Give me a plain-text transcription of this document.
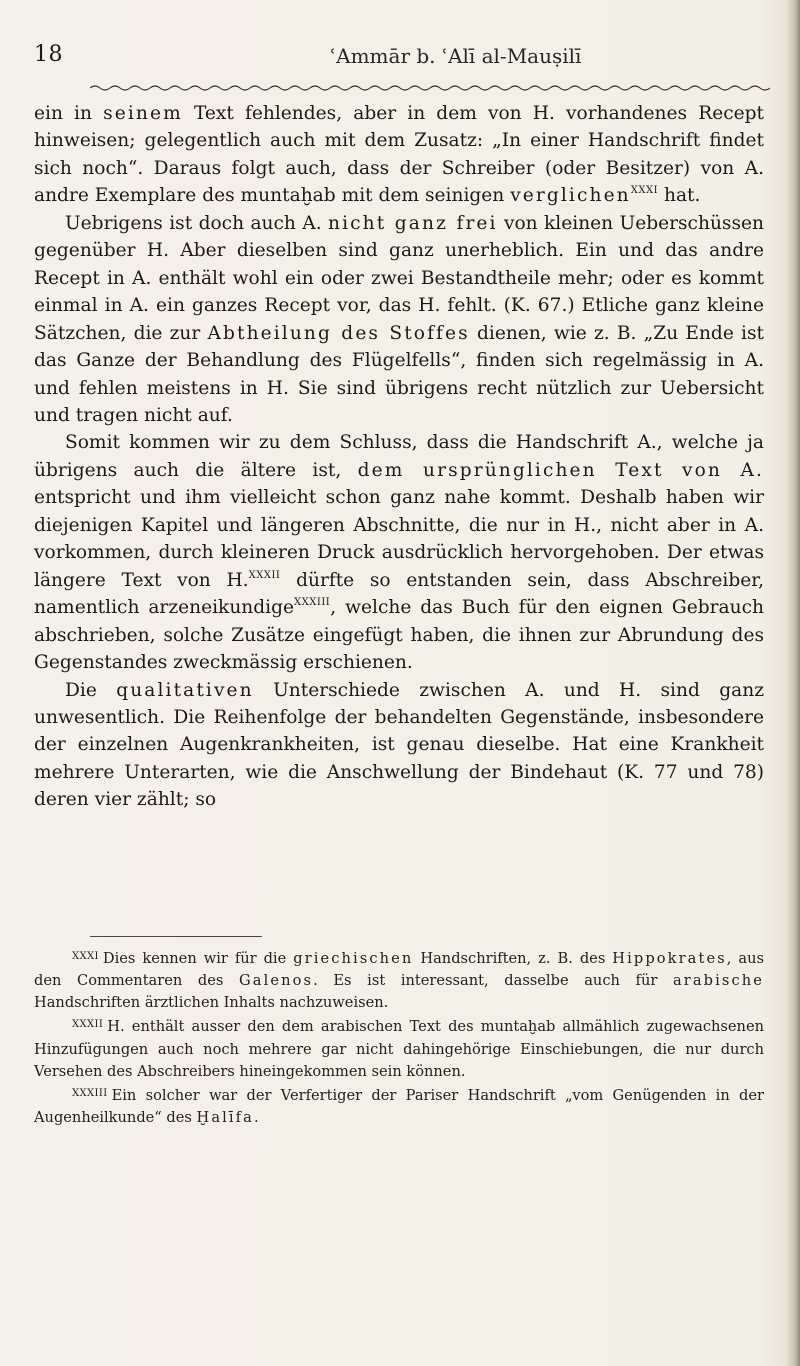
18	ʿAmmār b. ʿAlī al-Mauṣilī

ein in seinem Text fehlendes, aber in dem von H. vorhandenes Recept hinweisen; gelegentlich auch mit dem Zusatz: „In einer Handschrift findet sich noch“. Daraus folgt auch, dass der Schreiber (oder Besitzer) von A. andre Exemplare des muntaḫab mit dem seinigen verglichen$^{XXXI}$ hat.

Uebrigens ist doch auch A. nicht ganz frei von kleinen Ueberschüssen gegenüber H. Aber dieselben sind ganz unerheblich. Ein und das andre Recept in A. enthält wohl ein oder zwei Bestandtheile mehr; oder es kommt einmal in A. ein ganzes Recept vor, das H. fehlt. (K. 67.) Etliche ganz kleine Sätzchen, die zur Abtheilung des Stoffes dienen, wie z. B. „Zu Ende ist das Ganze der Behandlung des Flügelfells“, finden sich regelmässig in A. und fehlen meistens in H. Sie sind übrigens recht nützlich zur Uebersicht und tragen nicht auf.

Somit kommen wir zu dem Schluss, dass die Handschrift A., welche ja übrigens auch die ältere ist, dem ursprünglichen Text von A. entspricht und ihm vielleicht schon ganz nahe kommt. Deshalb haben wir diejenigen Kapitel und längeren Abschnitte, die nur in H., nicht aber in A. vorkommen, durch kleineren Druck ausdrücklich hervorgehoben. Der etwas längere Text von H.$^{XXXII}$ dürfte so entstanden sein, dass Abschreiber, namentlich arzeneikundige$^{XXXIII}$, welche das Buch für den eignen Gebrauch abschrieben, solche Zusätze eingefügt haben, die ihnen zur Abrundung des Gegenstandes zweckmässig erschienen.

Die qualitativen Unterschiede zwischen A. und H. sind ganz unwesentlich. Die Reihenfolge der behandelten Gegenstände, insbesondere der einzelnen Augenkrankheiten, ist genau dieselbe. Hat eine Krankheit mehrere Unterarten, wie die Anschwellung der Bindehaut (K. 77 und 78) deren vier zählt; so

$^{XXXI}$ Dies kennen wir für die griechischen Handschriften, z. B. des Hippokrates, aus den Commentaren des Galenos. Es ist interessant, dasselbe auch für arabische Handschriften ärztlichen Inhalts nachzuweisen.

$^{XXXII}$ H. enthält ausser den dem arabischen Text des muntaḫab allmählich zugewachsenen Hinzufügungen auch noch mehrere gar nicht dahingehörige Einschiebungen, die nur durch Versehen des Abschreibers hineingekommen sein können.

$^{XXXIII}$ Ein solcher war der Verfertiger der Pariser Handschrift „vom Genügenden in der Augenheilkunde“ des Ḫalīfa.
